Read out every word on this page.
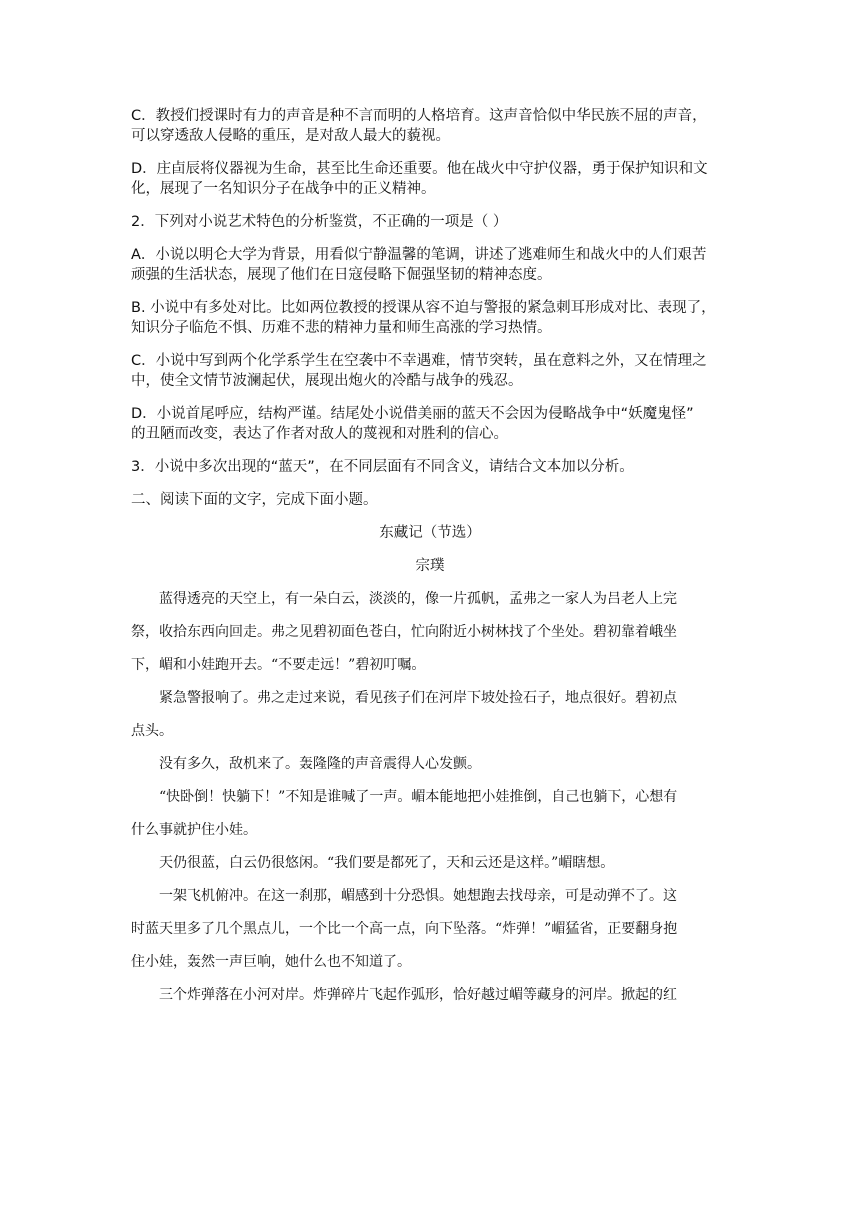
C．教授们授课时有力的声音是种不言而明的人格培育。这声音恰似中华民族不屈的声音，
可以穿透敌人侵略的重压，是对敌人最大的藐视。
D．庄卣辰将仪器视为生命，甚至比生命还重要。他在战火中守护仪器，勇于保护知识和文
化，展现了一名知识分子在战争中的正义精神。
2．下列对小说艺术特色的分析鉴赏，不正确的一项是（ ）
A．小说以明仑大学为背景，用看似宁静温馨的笔调，讲述了逃难师生和战火中的人们艰苦
顽强的生活状态，展现了他们在日寇侵略下倔强坚韧的精神态度。
B. 小说中有多处对比。比如两位教授的授课从容不迫与警报的紧急刺耳形成对比、表现了，
知识分子临危不惧、历难不悲的精神力量和师生高涨的学习热情。
C．小说中写到两个化学系学生在空袭中不幸遇难，情节突转，虽在意料之外，又在情理之
中，使全文情节波澜起伏，展现出炮火的冷酷与战争的残忍。
D．小说首尾呼应，结构严谨。结尾处小说借美丽的蓝天不会因为侵略战争中“妖魔鬼怪”
的丑陋而改变，表达了作者对敌人的蔑视和对胜利的信心。
3．小说中多次出现的“蓝天”，在不同层面有不同含义，请结合文本加以分析。
二、阅读下面的文字，完成下面小题。
东藏记（节选）
宗璞
　　蓝得透亮的天空上，有一朵白云，淡淡的，像一片孤帆，孟弗之一家人为吕老人上完
祭，收拾东西向回走。弗之见碧初面色苍白，忙向附近小树林找了个坐处。碧初靠着峨坐
下，嵋和小娃跑开去。“不要走远！”碧初叮嘱。
　　紧急警报响了。弗之走过来说，看见孩子们在河岸下坡处捡石子，地点很好。碧初点
点头。
　　没有多久，敌机来了。轰隆隆的声音震得人心发颤。
　　“快卧倒！快躺下！”不知是谁喊了一声。嵋本能地把小娃推倒，自己也躺下，心想有
什么事就护住小娃。
　　天仍很蓝，白云仍很悠闲。“我们要是都死了，天和云还是这样。”嵋瞎想。
　　一架飞机俯冲。在这一刹那，嵋感到十分恐惧。她想跑去找母亲，可是动弹不了。这
时蓝天里多了几个黑点儿，一个比一个高一点，向下坠落。“炸弹！”嵋猛省，正要翻身抱
住小娃，轰然一声巨响，她什么也不知道了。
　　三个炸弹落在小河对岸。炸弹碎片飞起作弧形，恰好越过嵋等藏身的河岸。掀起的红
